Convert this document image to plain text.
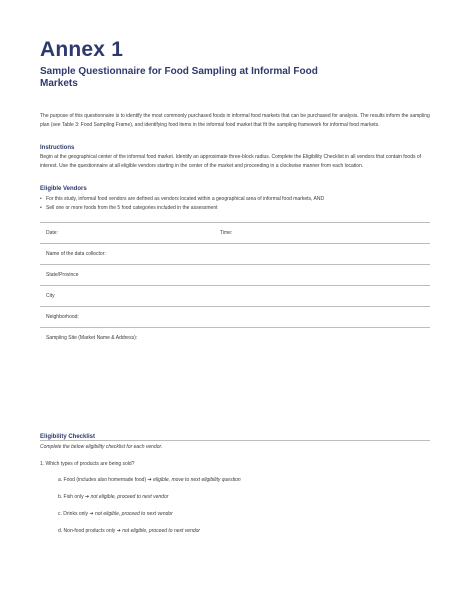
Annex 1
Sample Questionnaire for Food Sampling at Informal Food Markets
The purpose of this questionnaire is to identify the most commonly purchased foods in informal food markets that can be purchased for analysis. The results inform the sampling plan (see Table 3: Food Sampling Frame), and identifying food items in the informal food market that fit the sampling framework for informal food markets.
Instructions
Begin at the geographical center of the informal food market. Identify an approximate three-block radius. Complete the Eligibility Checklist in all vendors that contain foods of interest. Use the questionnaire at all eligible vendors starting in the center of the market and proceeding in a clockwise manner from each location.
Eligible Vendors
• For this study, informal food vendors are defined as vendors located within a geographical area of informal food markets, AND
• Sell one or more foods from the 5 food categories included in the assessment
Date:	Time:
Name of the data collector:
State/Province
City
Neighborhood:
Sampling Site (Market Name & Address):
Eligibility Checklist
Complete the below eligibility checklist for each vendor.
1. Which types of products are being sold?
a. Food (includes also homemade food) ➔ eligible, move to next eligibility question
b. Fish only ➔ not eligible, proceed to next vendor
c. Drinks only ➔ not eligible, proceed to next vendor
d. Non-food products only ➔ not eligible, proceed to next vendor
